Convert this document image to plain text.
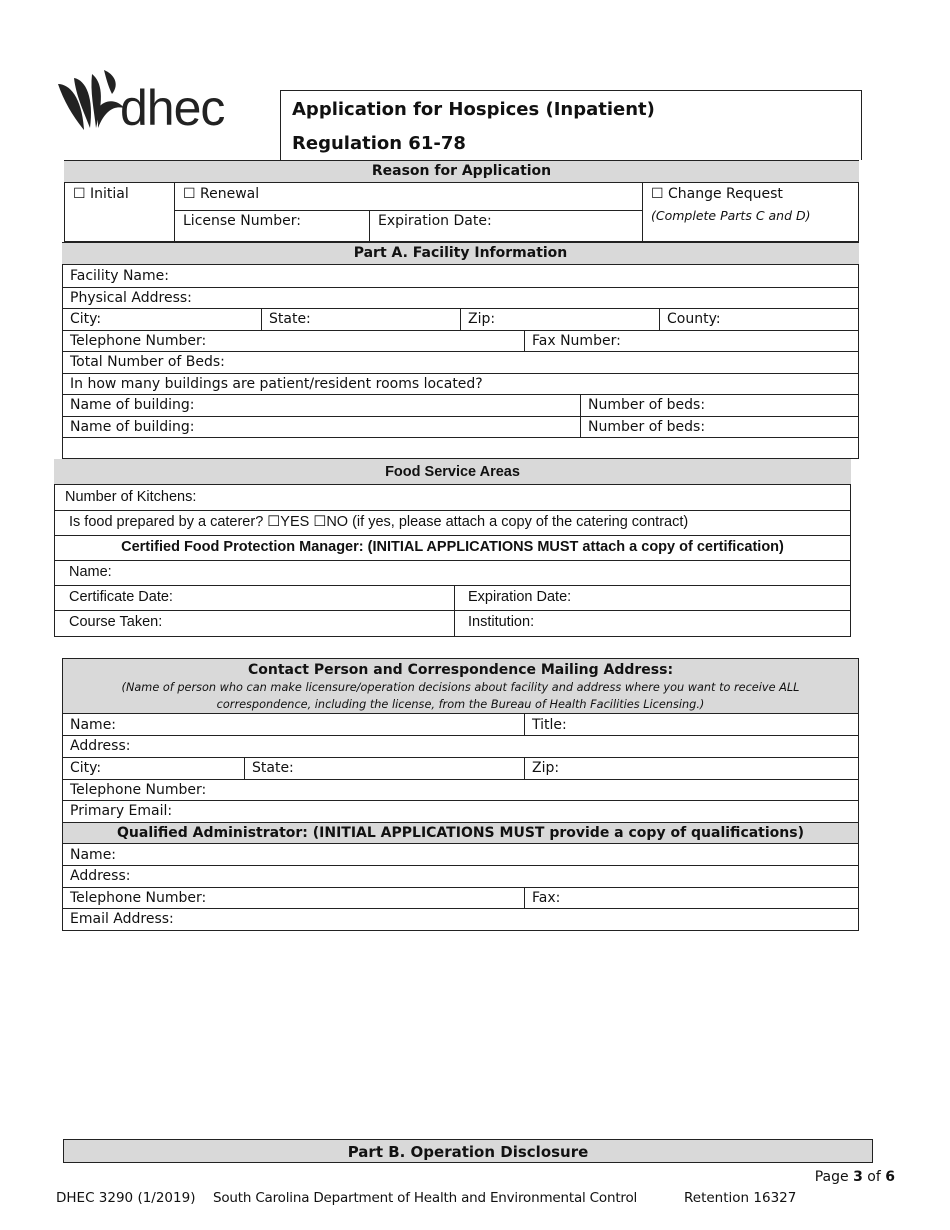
dhec	Application for Hospices (Inpatient)
Regulation 61-78
Reason for Application
☐ Initial	☐ Renewal
License Number:	Expiration Date:
☐ Change Request
(Complete Parts C and D)
Part A. Facility Information
Facility Name:
Physical Address:
City:	State:	Zip:	County:
Telephone Number:	Fax Number:
Total Number of Beds:
In how many buildings are patient/resident rooms located?
Name of building:	Number of beds:
Name of building:	Number of beds:
Food Service Areas
Number of Kitchens:
Is food prepared by a caterer? ☐YES ☐NO (if yes, please attach a copy of the catering contract)
Certified Food Protection Manager: (INITIAL APPLICATIONS MUST attach a copy of certification)
Name:
Certificate Date:	Expiration Date:
Course Taken:	Institution:
Contact Person and Correspondence Mailing Address:
(Name of person who can make licensure/operation decisions about facility and address where you want to receive ALL correspondence, including the license, from the Bureau of Health Facilities Licensing.)
Name:	Title:
Address:
City:	State:	Zip:
Telephone Number:
Primary Email:
Qualified Administrator: (INITIAL APPLICATIONS MUST provide a copy of qualifications)
Name:
Address:
Telephone Number:	Fax:
Email Address:
Part B. Operation Disclosure
Page 3 of 6
DHEC 3290 (1/2019) South Carolina Department of Health and Environmental Control	Retention 16327
